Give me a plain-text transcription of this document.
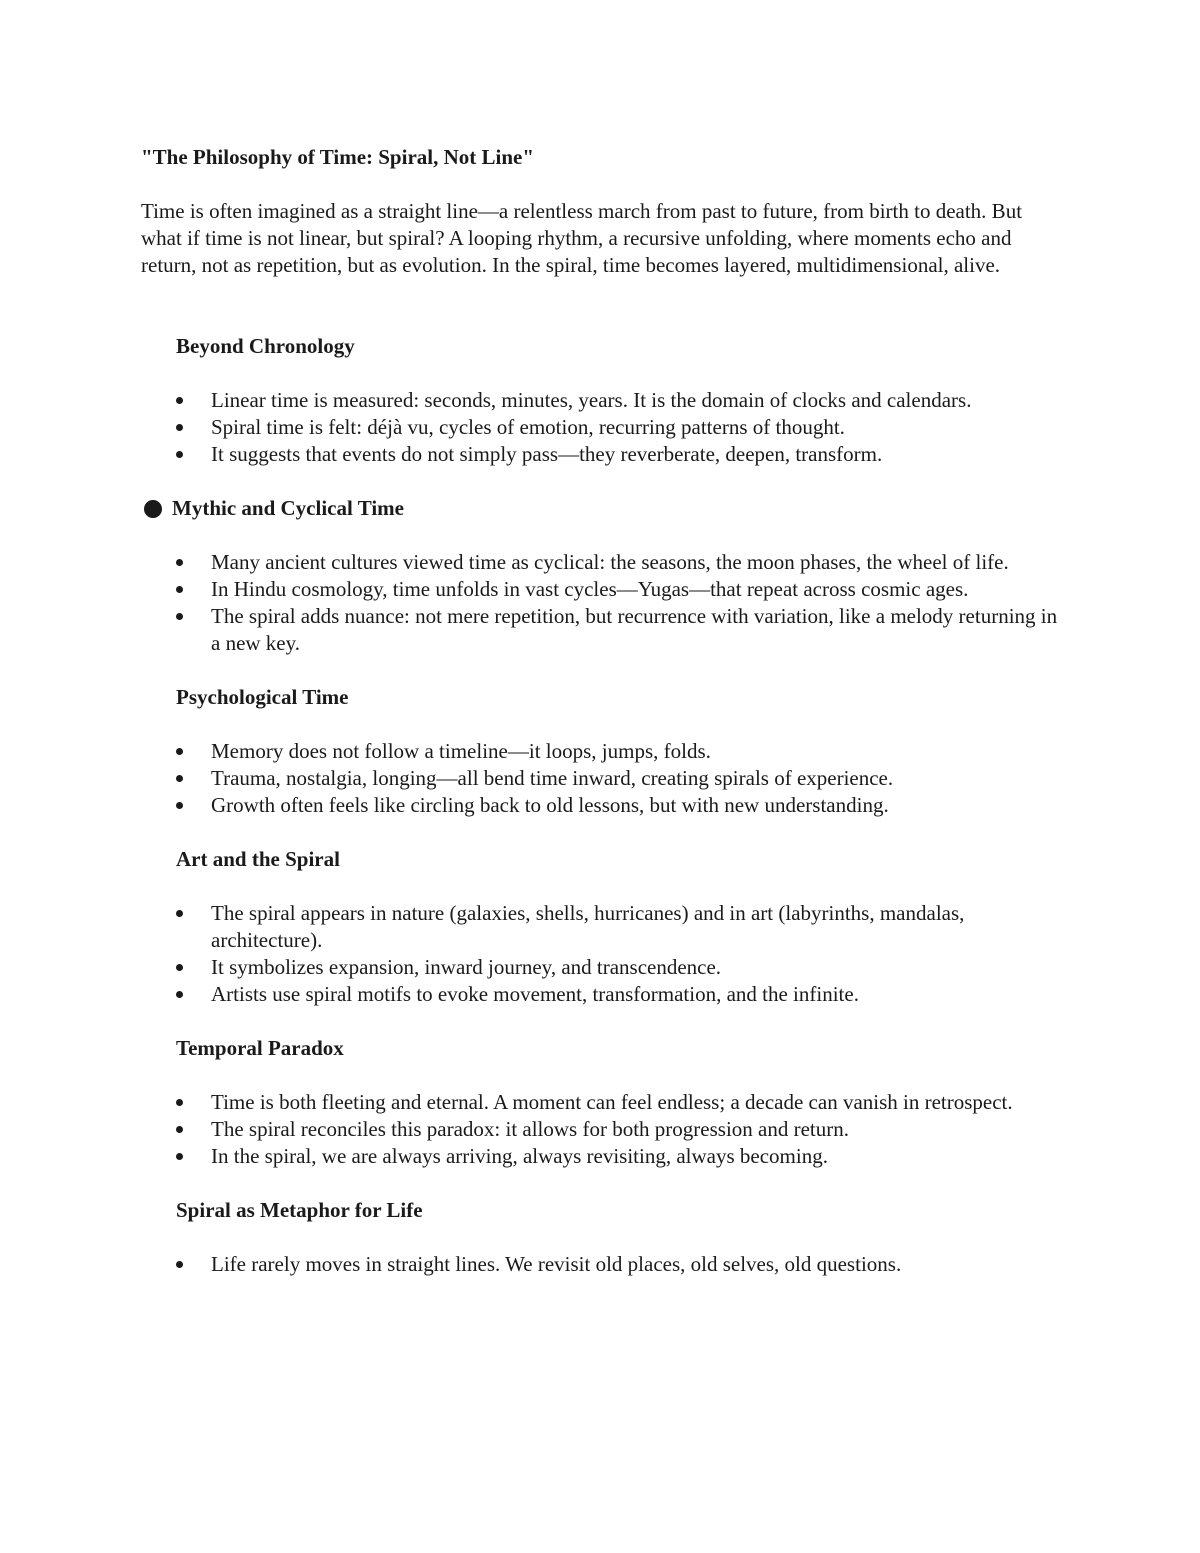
"The Philosophy of Time: Spiral, Not Line"
Time is often imagined as a straight line—a relentless march from past to future, from birth to death. But what if time is not linear, but spiral? A looping rhythm, a recursive unfolding, where moments echo and return, not as repetition, but as evolution. In the spiral, time becomes layered, multidimensional, alive.
Beyond Chronology
Linear time is measured: seconds, minutes, years. It is the domain of clocks and calendars.
Spiral time is felt: déjà vu, cycles of emotion, recurring patterns of thought.
It suggests that events do not simply pass—they reverberate, deepen, transform.
Mythic and Cyclical Time
Many ancient cultures viewed time as cyclical: the seasons, the moon phases, the wheel of life.
In Hindu cosmology, time unfolds in vast cycles—Yugas—that repeat across cosmic ages.
The spiral adds nuance: not mere repetition, but recurrence with variation, like a melody returning in a new key.
Psychological Time
Memory does not follow a timeline—it loops, jumps, folds.
Trauma, nostalgia, longing—all bend time inward, creating spirals of experience.
Growth often feels like circling back to old lessons, but with new understanding.
Art and the Spiral
The spiral appears in nature (galaxies, shells, hurricanes) and in art (labyrinths, mandalas, architecture).
It symbolizes expansion, inward journey, and transcendence.
Artists use spiral motifs to evoke movement, transformation, and the infinite.
Temporal Paradox
Time is both fleeting and eternal. A moment can feel endless; a decade can vanish in retrospect.
The spiral reconciles this paradox: it allows for both progression and return.
In the spiral, we are always arriving, always revisiting, always becoming.
Spiral as Metaphor for Life
Life rarely moves in straight lines. We revisit old places, old selves, old questions.
